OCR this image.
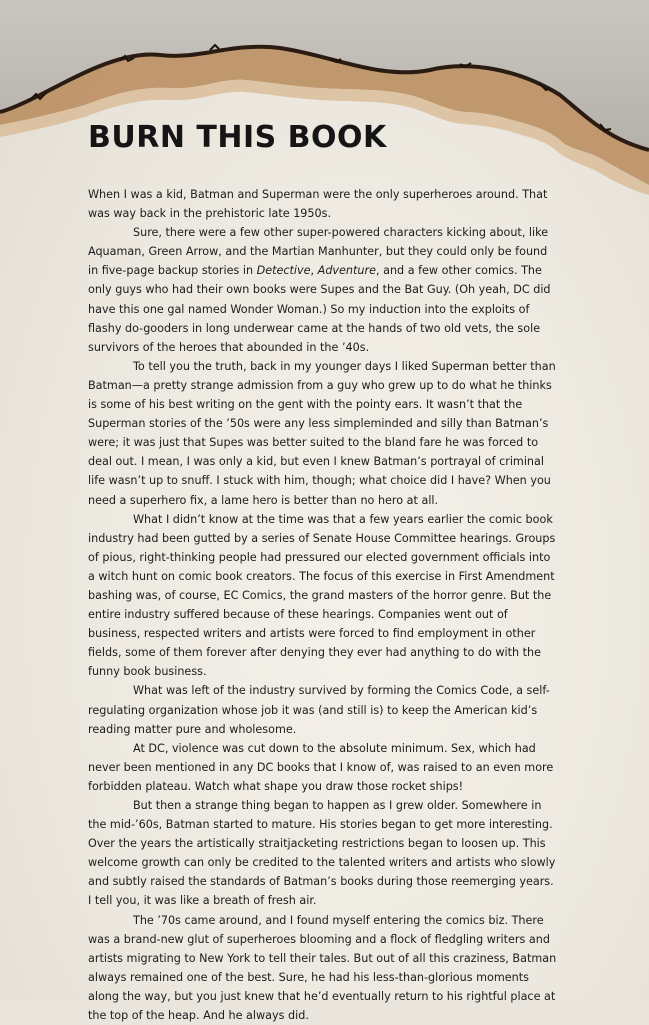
BURN THIS BOOK

When I was a kid, Batman and Superman were the only superheroes around. That was way back in the prehistoric late 1950s.

Sure, there were a few other super-powered characters kicking about, like Aquaman, Green Arrow, and the Martian Manhunter, but they could only be found in five-page backup stories in Detective, Adventure, and a few other comics. The only guys who had their own books were Supes and the Bat Guy. (Oh yeah, DC did have this one gal named Wonder Woman.) So my induction into the exploits of flashy do-gooders in long underwear came at the hands of two old vets, the sole survivors of the heroes that abounded in the ’40s.

To tell you the truth, back in my younger days I liked Superman better than Batman—a pretty strange admission from a guy who grew up to do what he thinks is some of his best writing on the gent with the pointy ears. It wasn’t that the Superman stories of the ’50s were any less simpleminded and silly than Batman’s were; it was just that Supes was better suited to the bland fare he was forced to deal out. I mean, I was only a kid, but even I knew Batman’s portrayal of criminal life wasn’t up to snuff. I stuck with him, though; what choice did I have? When you need a superhero fix, a lame hero is better than no hero at all.

What I didn’t know at the time was that a few years earlier the comic book industry had been gutted by a series of Senate House Committee hearings. Groups of pious, right-thinking people had pressured our elected government officials into a witch hunt on comic book creators. The focus of this exercise in First Amendment bashing was, of course, EC Comics, the grand masters of the horror genre. But the entire industry suffered because of these hearings. Companies went out of business, respected writers and artists were forced to find employment in other fields, some of them forever after denying they ever had anything to do with the funny book business.

What was left of the industry survived by forming the Comics Code, a self-regulating organization whose job it was (and still is) to keep the American kid’s reading matter pure and wholesome.

At DC, violence was cut down to the absolute minimum. Sex, which had never been mentioned in any DC books that I know of, was raised to an even more forbidden plateau. Watch what shape you draw those rocket ships!

But then a strange thing began to happen as I grew older. Somewhere in the mid-’60s, Batman started to mature. His stories began to get more interesting. Over the years the artistically straitjacketing restrictions began to loosen up. This welcome growth can only be credited to the talented writers and artists who slowly and subtly raised the standards of Batman’s books during those reemerging years. I tell you, it was like a breath of fresh air.

The ’70s came around, and I found myself entering the comics biz. There was a brand-new glut of superheroes blooming and a flock of fledgling writers and artists migrating to New York to tell their tales. But out of all this craziness, Batman always remained one of the best. Sure, he had his less-than-glorious moments along the way, but you just knew that he’d eventually return to his rightful place at the top of the heap. And he always did.
